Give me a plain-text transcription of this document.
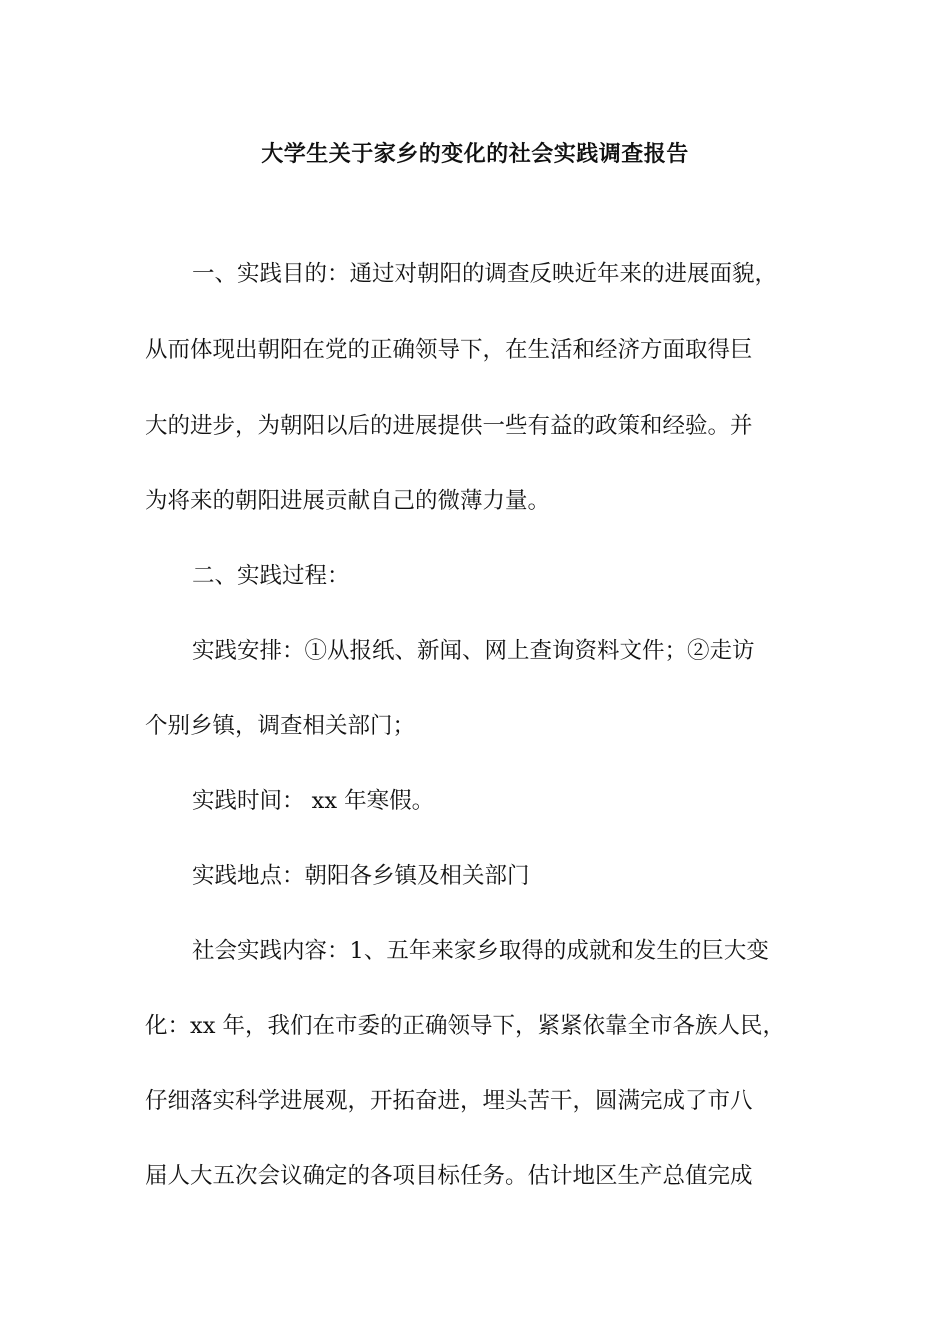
大学生关于家乡的变化的社会实践调查报告
一、实践目的：通过对朝阳的调查反映近年来的进展面貌，
从而体现出朝阳在党的正确领导下，在生活和经济方面取得巨
大的进步，为朝阳以后的进展提供一些有益的政策和经验。并
为将来的朝阳进展贡献自己的微薄力量。
二、实践过程：
实践安排：①从报纸、新闻、网上查询资料文件；②走访
个别乡镇，调查相关部门；
实践时间： xx 年寒假。
实践地点：朝阳各乡镇及相关部门
社会实践内容：1、五年来家乡取得的成就和发生的巨大变
化：xx 年，我们在市委的正确领导下，紧紧依靠全市各族人民，
仔细落实科学进展观，开拓奋进，埋头苦干，圆满完成了市八
届人大五次会议确定的各项目标任务。估计地区生产总值完成
